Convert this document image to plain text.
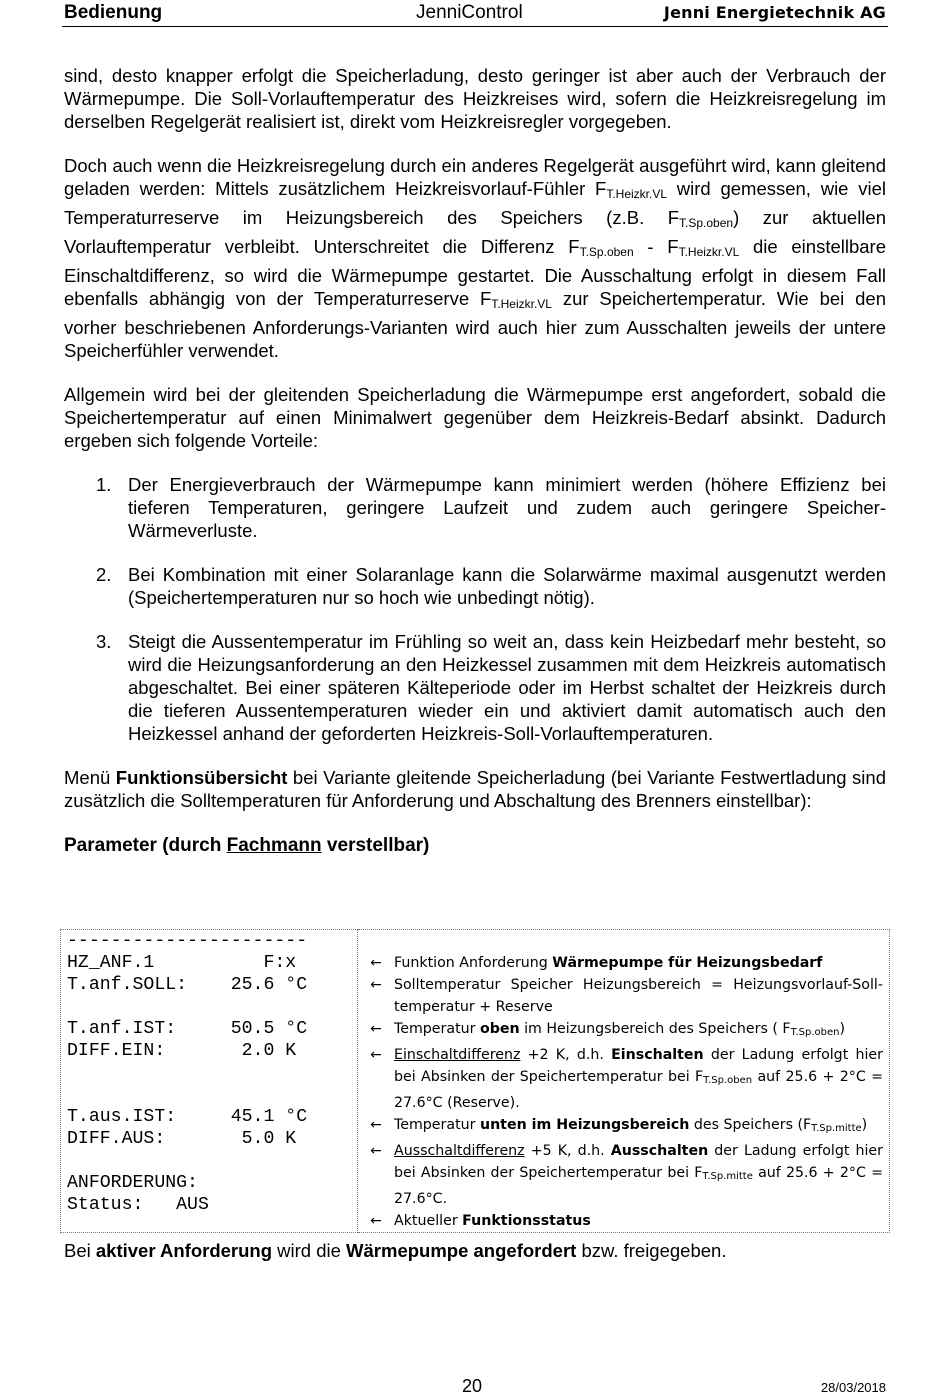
Bedienung	JenniControl	Jenni Energietechnik AG

sind, desto knapper erfolgt die Speicherladung, desto geringer ist aber auch der Verbrauch der Wärmepumpe. Die Soll-Vorlauftemperatur des Heizkreises wird, sofern die Heizkreisregelung im derselben Regelgerät realisiert ist, direkt vom Heizkreisregler vorgegeben.

Doch auch wenn die Heizkreisregelung durch ein anderes Regelgerät ausgeführt wird, kann gleitend geladen werden: Mittels zusätzlichem Heizkreisvorlauf-Fühler $F_{T.Heizkr.VL}$ wird gemessen, wie viel Temperaturreserve im Heizungsbereich des Speichers (z.B. $F_{T.Sp.oben}$) zur aktuellen Vorlauftemperatur verbleibt. Unterschreitet die Differenz $F_{T.Sp.oben} - F_{T.Heizkr.VL}$ die einstellbare Einschaltdifferenz, so wird die Wärmepumpe gestartet. Die Ausschaltung erfolgt in diesem Fall ebenfalls abhängig von der Temperaturreserve $F_{T.Heizkr.VL}$ zur Speichertemperatur. Wie bei den vorher beschriebenen Anforderungs-Varianten wird auch hier zum Ausschalten jeweils der untere Speicherfühler verwendet.

Allgemein wird bei der gleitenden Speicherladung die Wärmepumpe erst angefordert, sobald die Speichertemperatur auf einen Minimalwert gegenüber dem Heizkreis-Bedarf absinkt. Dadurch ergeben sich folgende Vorteile:

1. Der Energieverbrauch der Wärmepumpe kann minimiert werden (höhere Effizienz bei tieferen Temperaturen, geringere Laufzeit und zudem auch geringere Speicher-Wärmeverluste.
2. Bei Kombination mit einer Solaranlage kann die Solarwärme maximal ausgenutzt werden (Speichertemperaturen nur so hoch wie unbedingt nötig).
3. Steigt die Aussentemperatur im Frühling so weit an, dass kein Heizbedarf mehr besteht, so wird die Heizungsanforderung an den Heizkessel zusammen mit dem Heizkreis automatisch abgeschaltet. Bei einer späteren Kälteperiode oder im Herbst schaltet der Heizkreis durch die tieferen Aussentemperaturen wieder ein und aktiviert damit automatisch auch den Heizkessel anhand der geforderten Heizkreis-Soll-Vorlauftemperaturen.

Menü Funktionsübersicht bei Variante gleitende Speicherladung (bei Variante Festwertladung sind zusätzlich die Solltemperaturen für Anforderung und Abschaltung des Brenners einstellbar):

Parameter (durch Fachmann verstellbar)
----------------------
HZ_ANF.1          F:x
T.anf.SOLL:    25.6 °C
T.anf.IST:     50.5 °C
DIFF.EIN:       2.0 K
T.aus.IST:     45.1 °C
DIFF.AUS:       5.0 K
ANFORDERUNG:
Status:   AUS

← Funktion Anforderung Wärmepumpe für Heizungsbedarf
← Solltemperatur Speicher Heizungsbereich = Heizungsvorlauf-Soll-temperatur + Reserve
← Temperatur oben im Heizungsbereich des Speichers ( FT.Sp.oben)
← Einschaltdifferenz +2 K, d.h. Einschalten der Ladung erfolgt hier bei Absinken der Speichertemperatur bei FT.Sp.oben auf 25.6 + 2°C = 27.6°C (Reserve).
← Temperatur unten im Heizungsbereich des Speichers (FT.Sp.mitte)
← Ausschaltdifferenz +5 K, d.h. Ausschalten der Ladung erfolgt hier bei Absinken der Speichertemperatur bei FT.Sp.mitte auf 25.6 + 2°C = 27.6°C.
← Aktueller Funktionsstatus
Bei aktiver Anforderung wird die Wärmepumpe angefordert bzw. freigegeben.
20	28/03/2018
